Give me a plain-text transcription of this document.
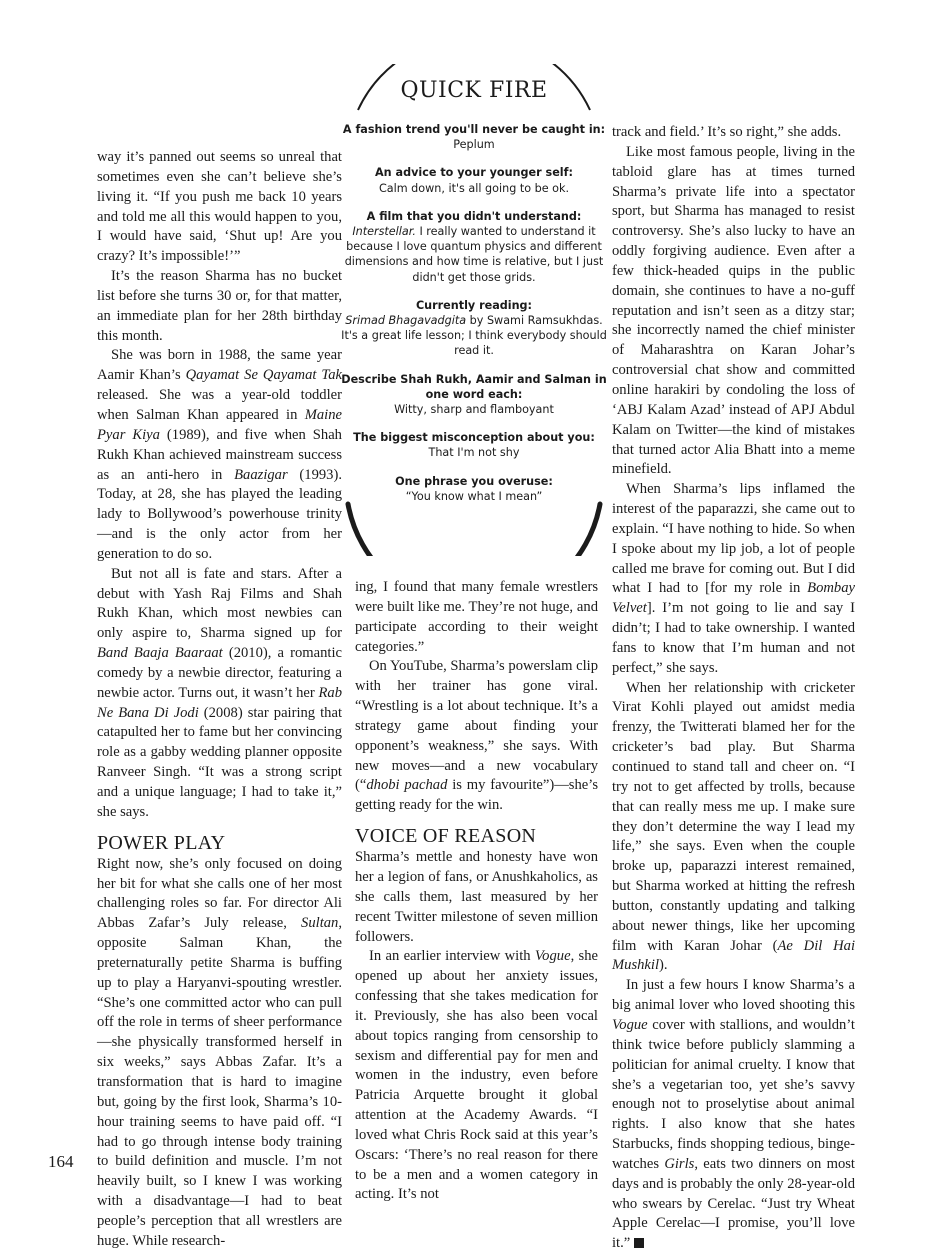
way it’s panned out seems so unreal that sometimes even she can’t believe she’s living it. “If you push me back 10 years and told me all this would happen to you, I would have said, ‘Shut up! Are you crazy? It’s impossible!’”

It’s the reason Sharma has no bucket list before she turns 30 or, for that matter, an immediate plan for her 28th birthday this month.

She was born in 1988, the same year Aamir Khan’s Qayamat Se Qayamat Tak released. She was a year-old toddler when Salman Khan appeared in Maine Pyar Kiya (1989), and five when Shah Rukh Khan achieved mainstream success as an anti-hero in Baazigar (1993). Today, at 28, she has played the leading lady to Bollywood’s powerhouse trinity—and is the only actor from her generation to do so.

But not all is fate and stars. After a debut with Yash Raj Films and Shah Rukh Khan, which most newbies can only aspire to, Sharma signed up for Band Baaja Baaraat (2010), a romantic comedy by a newbie director, featuring a newbie actor. Turns out, it wasn’t her Rab Ne Bana Di Jodi (2008) star pairing that catapulted her to fame but her convincing role as a gabby wedding planner opposite Ranveer Singh. “It was a strong script and a unique language; I had to take it,” she says.

POWER PLAY

Right now, she’s only focused on doing her bit for what she calls one of her most challenging roles so far. For director Ali Abbas Zafar’s July release, Sultan, opposite Salman Khan, the preternaturally petite Sharma is buffing up to play a Haryanvi-spouting wrestler. “She’s one committed actor who can pull off the role in terms of sheer performance—she physically transformed herself in six weeks,” says Abbas Zafar. It’s a transformation that is hard to imagine but, going by the first look, Sharma’s 10-hour training seems to have paid off. “I had to go through intense body training to build definition and muscle. I’m not heavily built, so I knew I was working with a disadvantage—I had to beat people’s perception that all wrestlers are huge. While research-

QUICK FIRE
A fashion trend you'll never be caught in: Peplum
An advice to your younger self:
Calm down, it's all going to be ok.
A film that you didn't understand:
Interstellar. I really wanted to understand it because I love quantum physics and different dimensions and how time is relative, but I just didn't get those grids.
Currently reading:
Srimad Bhagavadgita by Swami Ramsukhdas. It's a great life lesson; I think everybody should read it.
Describe Shah Rukh, Aamir and Salman in one word each:
Witty, sharp and flamboyant
The biggest misconception about you: That I'm not shy
One phrase you overuse:
“You know what I mean”

ing, I found that many female wrestlers were built like me. They’re not huge, and participate according to their weight categories.”

On YouTube, Sharma’s powerslam clip with her trainer has gone viral. “Wrestling is a lot about technique. It’s a strategy game about finding your opponent’s weakness,” she says. With new moves—and a new vocabulary (“dhobi pachad is my favourite”)—she’s getting ready for the win.

VOICE OF REASON

Sharma’s mettle and honesty have won her a legion of fans, or Anushkaholics, as she calls them, last measured by her recent Twitter milestone of seven million followers.

In an earlier interview with Vogue, she opened up about her anxiety issues, confessing that she takes medication for it. Previously, she has also been vocal about topics ranging from censorship to sexism and differential pay for men and women in the industry, even before Patricia Arquette brought it global attention at the Academy Awards. “I loved what Chris Rock said at this year’s Oscars: ‘There’s no real reason for there to be a men and a women category in acting. It’s not

track and field.’ It’s so right,” she adds.

Like most famous people, living in the tabloid glare has at times turned Sharma’s private life into a spectator sport, but Sharma has managed to resist controversy. She’s also lucky to have an oddly forgiving audience. Even after a few thick-headed quips in the public domain, she continues to have a no-guff reputation and isn’t seen as a ditzy star; she incorrectly named the chief minister of Maharashtra on Karan Johar’s controversial chat show and committed online harakiri by condoling the loss of ‘ABJ Kalam Azad’ instead of APJ Abdul Kalam on Twitter—the kind of mistakes that turned actor Alia Bhatt into a meme minefield.

When Sharma’s lips inflamed the interest of the paparazzi, she came out to explain. “I have nothing to hide. So when I spoke about my lip job, a lot of people called me brave for coming out. But I did what I had to [for my role in Bombay Velvet]. I’m not going to lie and say I didn’t; I had to take ownership. I wanted fans to know that I’m human and not perfect,” she says.

When her relationship with cricketer Virat Kohli played out amidst media frenzy, the Twitterati blamed her for the cricketer’s bad play. But Sharma continued to stand tall and cheer on. “I try not to get affected by trolls, because that can really mess me up. I make sure they don’t determine the way I lead my life,” she says. Even when the couple broke up, paparazzi interest remained, but Sharma worked at hitting the refresh button, constantly updating and talking about newer things, like her upcoming film with Karan Johar (Ae Dil Hai Mushkil).

In just a few hours I know Sharma’s a big animal lover who loved shooting this Vogue cover with stallions, and wouldn’t think twice before publicly slamming a politician for animal cruelty. I know that she’s a vegetarian too, yet she’s savvy enough not to proselytise about animal rights. I also know that she hates Starbucks, finds shopping tedious, binge-watches Girls, eats two dinners on most days and is probably the only 28-year-old who swears by Cerelac. “Just try Wheat Apple Cerelac—I promise, you’ll love it.”

164
